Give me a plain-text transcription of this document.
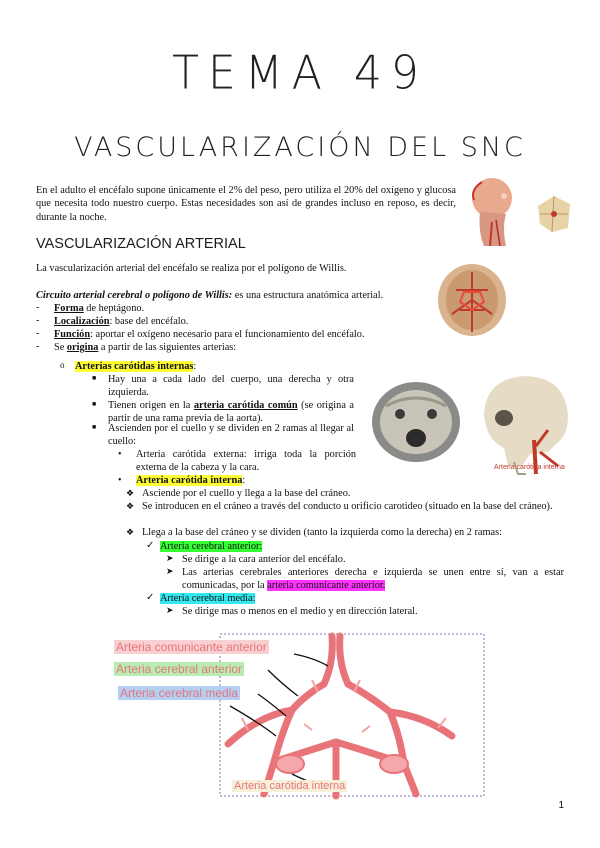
TEMA 49
VASCULARIZACIÓN DEL SNC
En el adulto el encéfalo supone únicamente el 2% del peso, pero utiliza el 20% del oxígeno y glucosa que necesita todo nuestro cuerpo. Estas necesidades son así de grandes incluso en reposo, es decir, durante la noche.
VASCULARIZACIÓN ARTERIAL
La vascularización arterial del encéfalo se realiza por el polígono de Willis.
Circuito arterial cerebral o polígono de Willis: es una estructura anatómica arterial.
- Forma de heptágono.
- Localización: base del encéfalo.
- Función: aportar el oxígeno necesario para el funcionamiento del encéfalo.
- Se origina a partir de las siguientes arterias:
o Arterias carótidas internas:
■ Hay una a cada lado del cuerpo, una derecha y otra izquierda.
■ Tienen origen en la arteria carótida común (se origina a partir de una rama previa de la aorta).
■ Ascienden por el cuello y se dividen en 2 ramas al llegar al cuello:
• Arteria carótida externa: irriga toda la porción externa de la cabeza y la cara.
• Arteria carótida interna:
❖ Asciende por el cuello y llega a la base del cráneo.
❖ Se introducen en el cráneo a través del conducto u orificio carotideo (situado en la base del cráneo).
❖ Llega a la base del cráneo y se dividen (tanto la izquierda como la derecha) en 2 ramas:
✓ Arteria cerebral anterior:
➤ Se dirige a la cara anterior del encéfalo.
➤ Las arterias cerebrales anteriores derecha e izquierda se unen entre sí, van a estar comunicadas, por la arteria comunicante anterior.
✓ Arteria cerebral media:
➤ Se dirige mas o menos en el medio y en dirección lateral.
Arteria carótida interna
Arteria comunicante anterior
Arteria cerebral anterior
Arteria cerebral media
Arteria carótida interna
1
